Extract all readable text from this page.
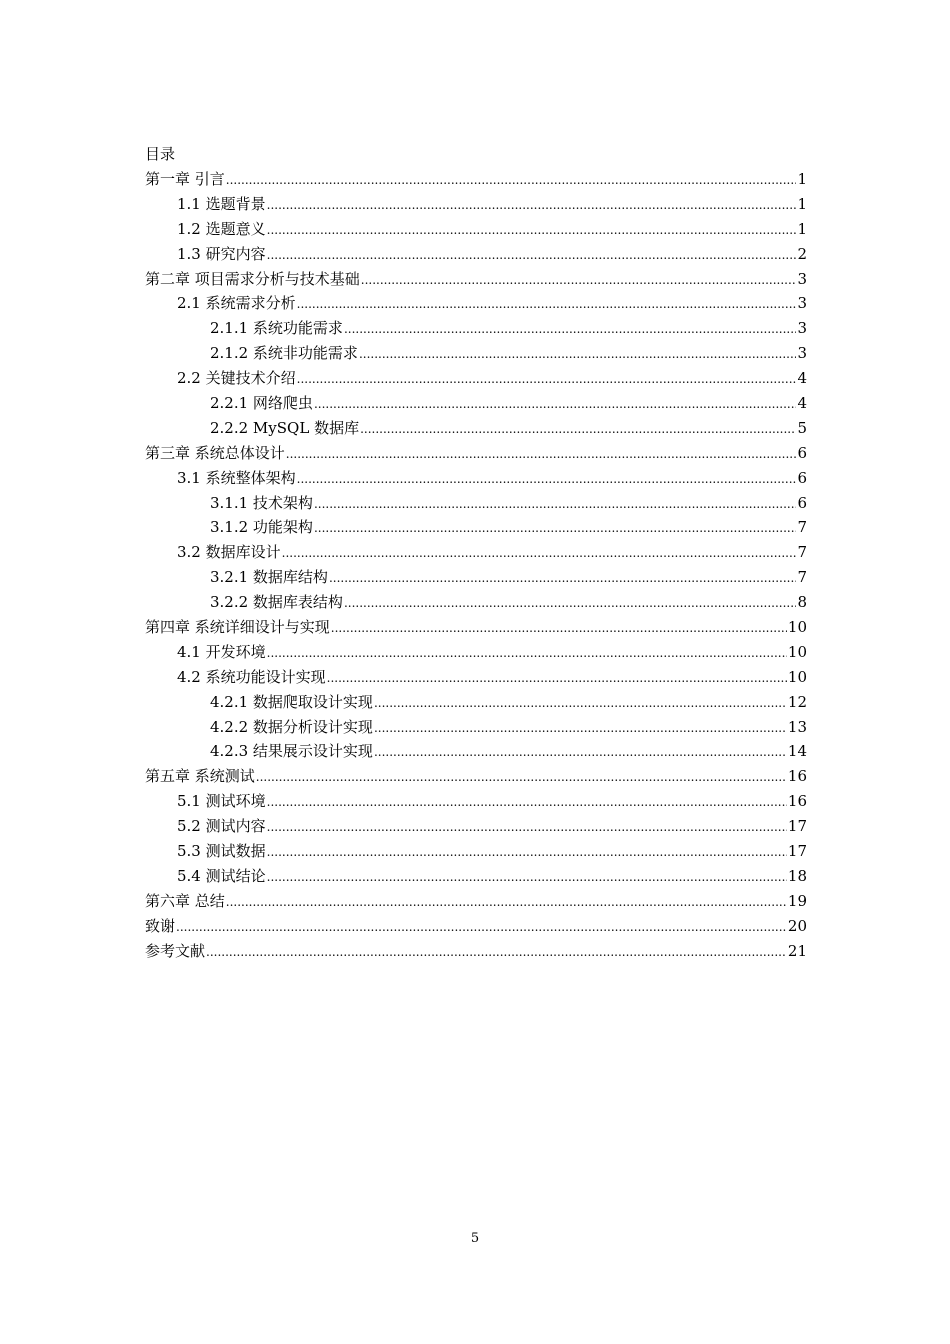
目录
第一章 引言 .....	1
1.1 选题背景 .....	1
1.2 选题意义 .....	1
1.3 研究内容 .....	2
第二章 项目需求分析与技术基础 .....	3
2.1 系统需求分析 .....	3
2.1.1 系统功能需求 .....	3
2.1.2 系统非功能需求 .....	3
2.2 关键技术介绍 .....	4
2.2.1 网络爬虫 .....	4
2.2.2 MySQL 数据库 .....	5
第三章 系统总体设计 .....	6
3.1 系统整体架构 .....	6
3.1.1 技术架构 .....	6
3.1.2 功能架构 .....	7
3.2 数据库设计 .....	7
3.2.1 数据库结构 .....	7
3.2.2 数据库表结构 .....	8
第四章 系统详细设计与实现 .....	10
4.1 开发环境 .....	10
4.2 系统功能设计实现 .....	10
4.2.1 数据爬取设计实现 .....	12
4.2.2 数据分析设计实现 .....	13
4.2.3 结果展示设计实现 .....	14
第五章 系统测试 .....	16
5.1 测试环境 .....	16
5.2 测试内容 .....	17
5.3 测试数据 .....	17
5.4 测试结论 .....	18
第六章 总结 .....	19
致谢 .....	20
参考文献 .....	21
5
